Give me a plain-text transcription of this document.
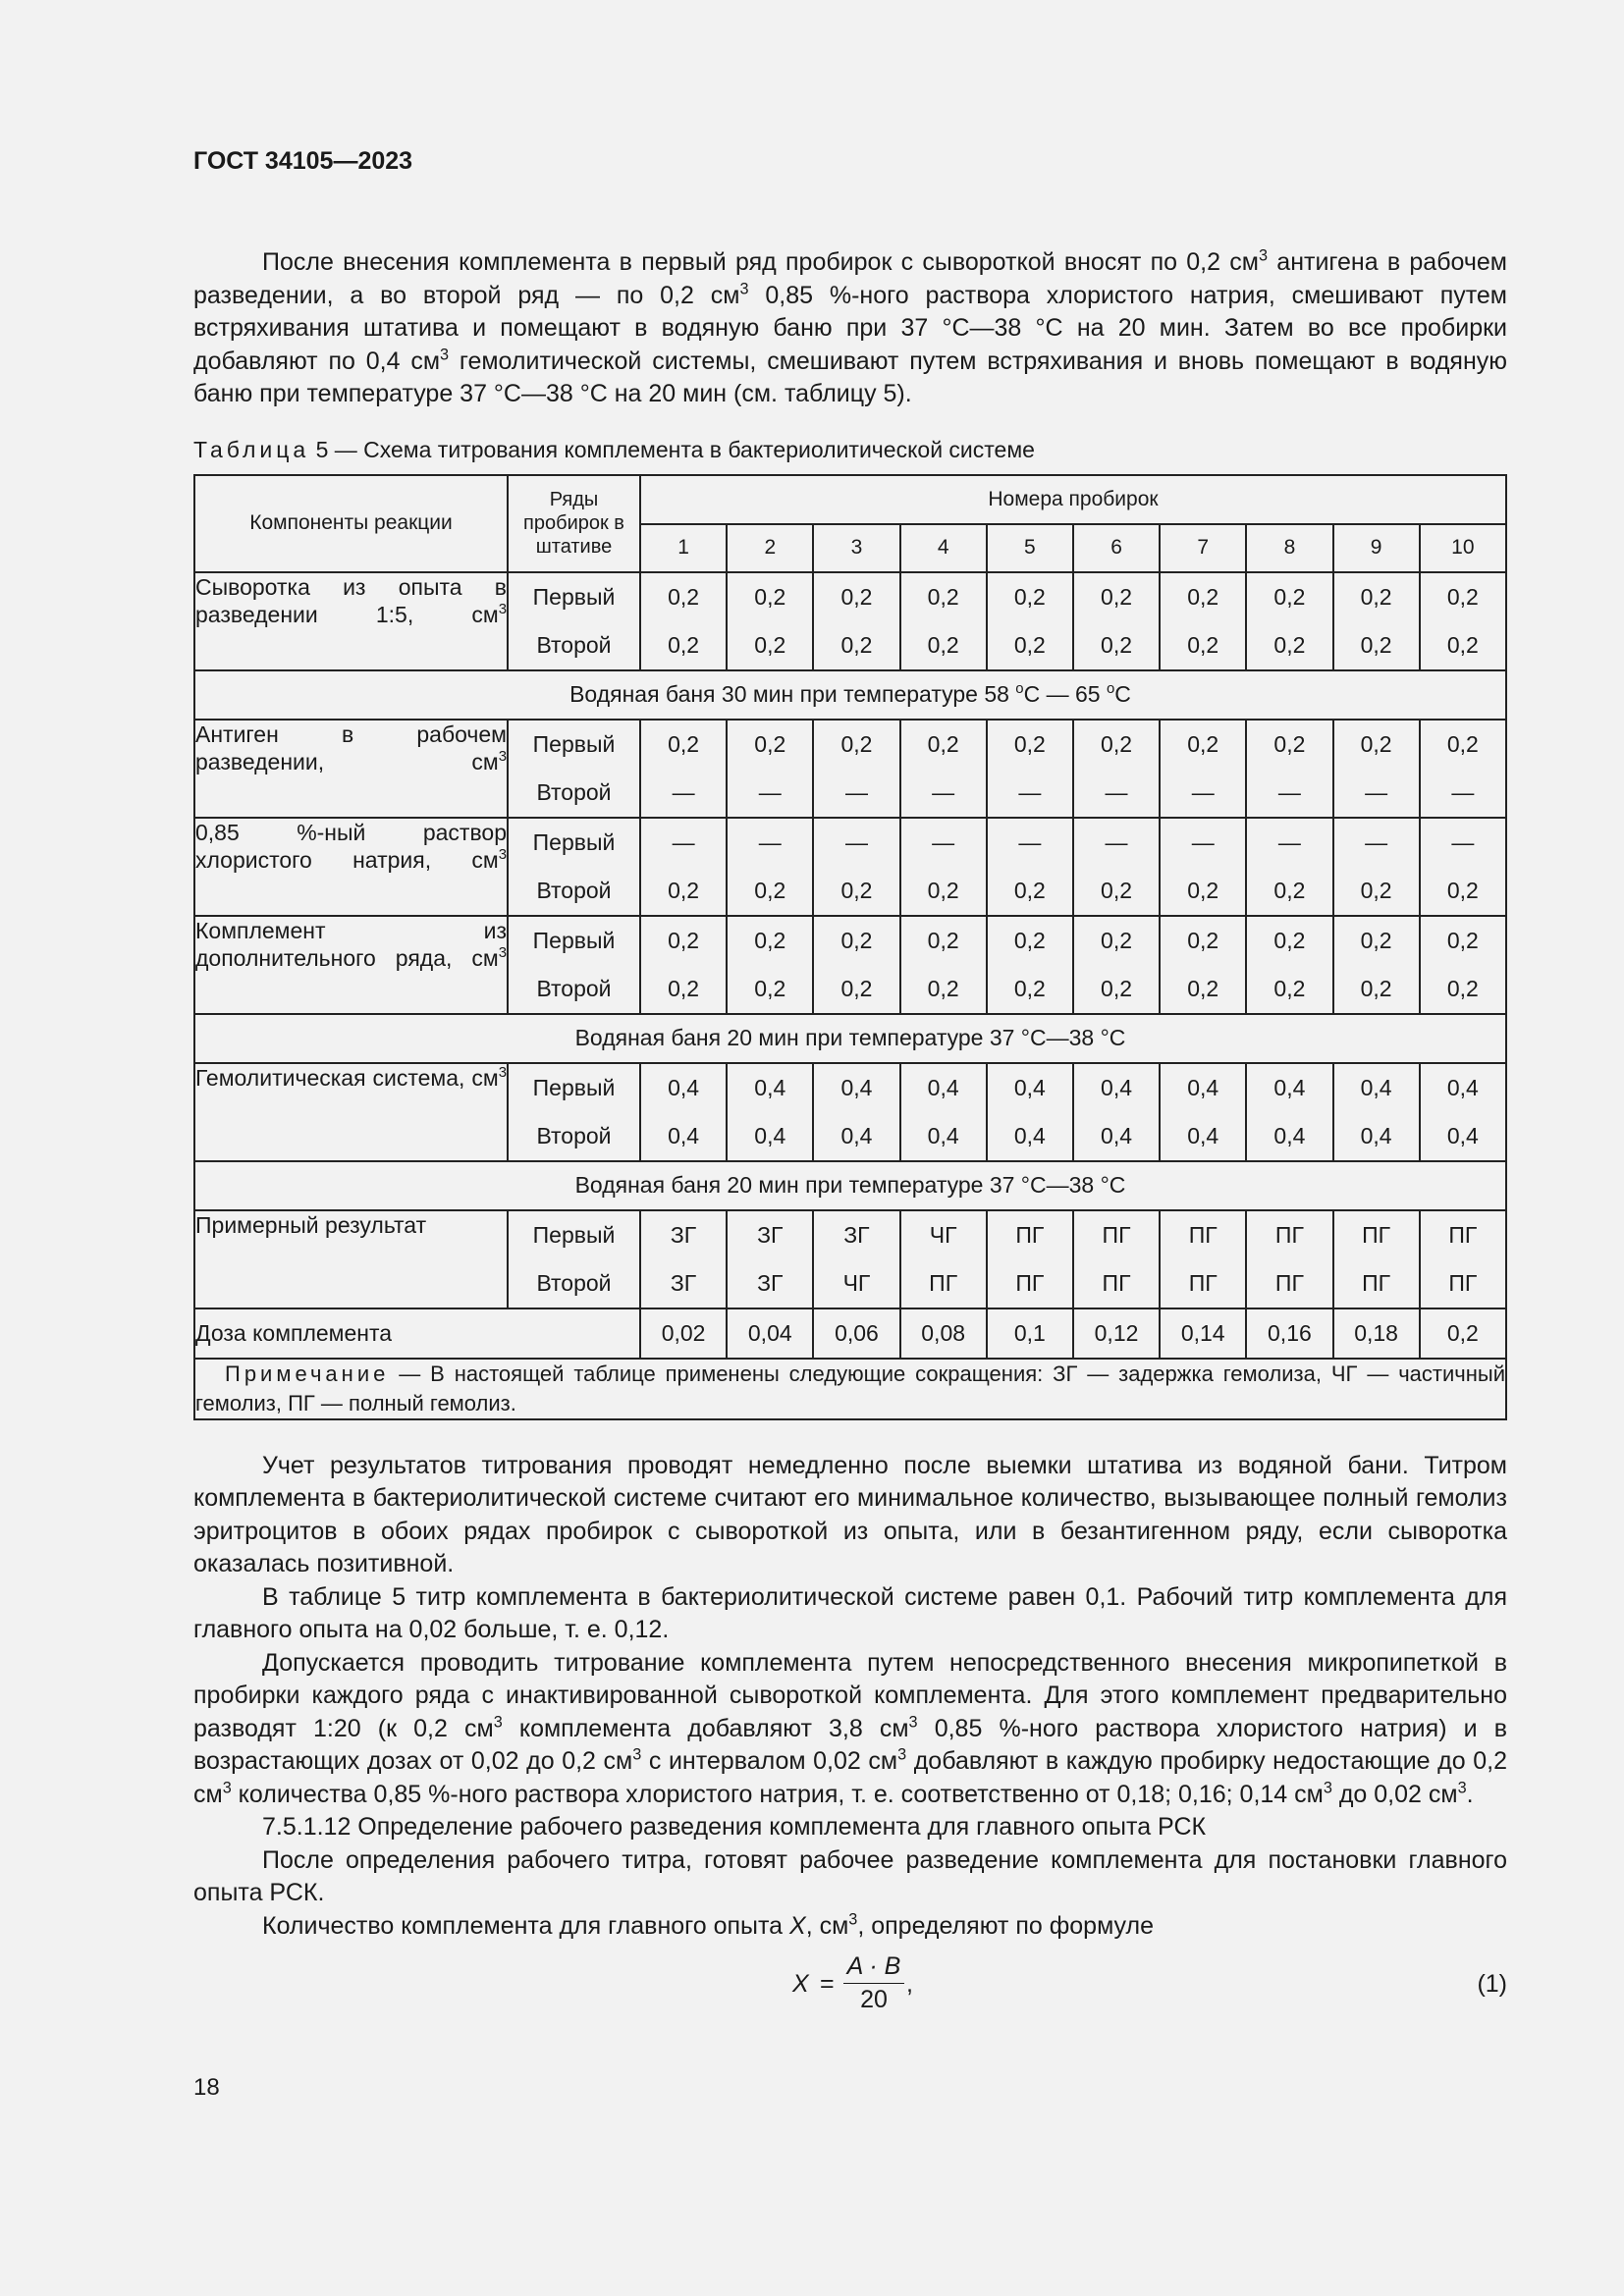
ГОСТ 34105—2023

После внесения комплемента в первый ряд пробирок с сывороткой вносят по 0,2 $см^3$ антигена в рабочем разведении, а во второй ряд — по 0,2 $см^3$ 0,85 %-ного раствора хлористого натрия, смешивают путем встряхивания штатива и помещают в водяную баню при 37 °С—38 °С на 20 мин. Затем во все пробирки добавляют по 0,4 $см^3$ гемолитической системы, смешивают путем встряхивания и вновь помещают в водяную баню при температуре 37 °С—38 °С на 20 мин (см. таблицу 5).

Таблица 5 — Схема титрования комплемента в бактериолитической системе
Компоненты реакции	Ряды пробирок в штативе	Номера пробирок									
		1	2	3	4	5	6	7	8	9	10
Сыворотка из опыта в разведении 1:5, $см^3$	Первый	0,2	0,2	0,2	0,2	0,2	0,2	0,2	0,2	0,2	0,2
	Второй	0,2	0,2	0,2	0,2	0,2	0,2	0,2	0,2	0,2	0,2
Водяная баня 30 мин при температуре 58 $^о$С — 65 $^о$С											
Антиген в рабочем разведении, $см^3$	Первый	0,2	0,2	0,2	0,2	0,2	0,2	0,2	0,2	0,2	0,2
	Второй	—	—	—	—	—	—	—	—	—	—
0,85 %-ный раствор хлористого натрия, $см^3$	Первый	—	—	—	—	—	—	—	—	—	—
	Второй	0,2	0,2	0,2	0,2	0,2	0,2	0,2	0,2	0,2	0,2
Комплемент из дополнительного ряда, $см^3$	Первый	0,2	0,2	0,2	0,2	0,2	0,2	0,2	0,2	0,2	0,2
	Второй	0,2	0,2	0,2	0,2	0,2	0,2	0,2	0,2	0,2	0,2
Водяная баня 20 мин при температуре 37 °С—38 °С											
Гемолитическая система, $см^3$	Первый	0,4	0,4	0,4	0,4	0,4	0,4	0,4	0,4	0,4	0,4
	Второй	0,4	0,4	0,4	0,4	0,4	0,4	0,4	0,4	0,4	0,4
Водяная баня 20 мин при температуре 37 °С—38 °С											
Примерный результат	Первый	ЗГ	ЗГ	ЗГ	ЧГ	ПГ	ПГ	ПГ	ПГ	ПГ	ПГ
	Второй	ЗГ	ЗГ	ЧГ	ПГ	ПГ	ПГ	ПГ	ПГ	ПГ	ПГ
Доза комплемента		0,02	0,04	0,06	0,08	0,1	0,12	0,14	0,16	0,18	0,2
Примечание — В настоящей таблице применены следующие сокращения: ЗГ — задержка гемолиза, ЧГ — частичный гемолиз, ПГ — полный гемолиз.											

Учет результатов титрования проводят немедленно после выемки штатива из водяной бани. Титром комплемента в бактериолитической системе считают его минимальное количество, вызывающее полный гемолиз эритроцитов в обоих рядах пробирок с сывороткой из опыта, или в безантигенном ряду, если сыворотка оказалась позитивной.

В таблице 5 титр комплемента в бактериолитической системе равен 0,1. Рабочий титр комплемента для главного опыта на 0,02 больше, т. е. 0,12.

Допускается проводить титрование комплемента путем непосредственного внесения микропипеткой в пробирки каждого ряда с инактивированной сывороткой комплемента. Для этого комплемент предварительно разводят 1:20 (к 0,2 $см^3$ комплемента добавляют 3,8 $см^3$ 0,85 %-ного раствора хлористого натрия) и в возрастающих дозах от 0,02 до 0,2 $см^3$ с интервалом 0,02 $см^3$ добавляют в каждую пробирку недостающие до 0,2 $см^3$ количества 0,85 %-ного раствора хлористого натрия, т. е. соответственно от 0,18; 0,16; 0,14 $см^3$ до 0,02 $см^3$.

7.5.1.12 Определение рабочего разведения комплемента для главного опыта РСК

После определения рабочего титра, готовят рабочее разведение комплемента для постановки главного опыта РСК.

Количество комплемента для главного опыта X, $см^3$, определяют по формуле

$X = \frac{A \cdot B}{20}$ ,	(1)
18
